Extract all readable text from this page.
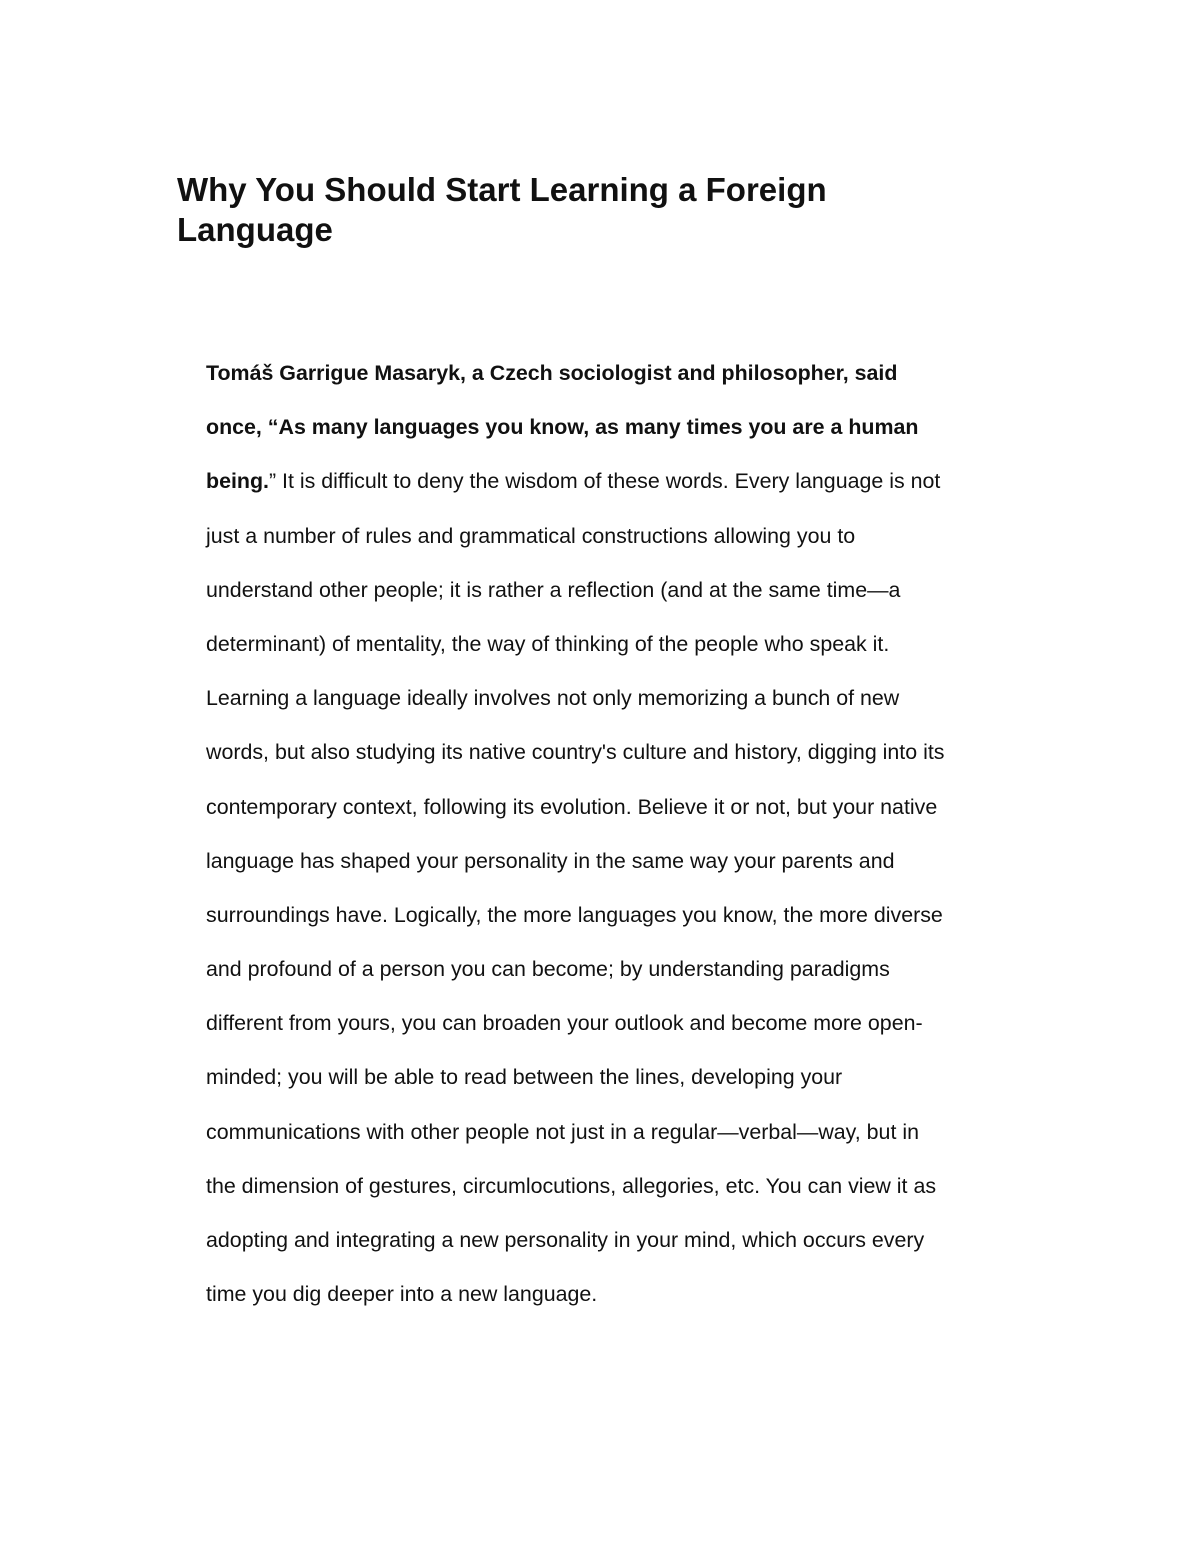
Why You Should Start Learning a Foreign
Language
Tomáš Garrigue Masaryk, a Czech sociologist and philosopher, said
once, “As many languages you know, as many times you are a human
being.” It is difficult to deny the wisdom of these words. Every language is not
just a number of rules and grammatical constructions allowing you to
understand other people; it is rather a reflection (and at the same time—a
determinant) of mentality, the way of thinking of the people who speak it.
Learning a language ideally involves not only memorizing a bunch of new
words, but also studying its native country's culture and history, digging into its
contemporary context, following its evolution. Believe it or not, but your native
language has shaped your personality in the same way your parents and
surroundings have. Logically, the more languages you know, the more diverse
and profound of a person you can become; by understanding paradigms
different from yours, you can broaden your outlook and become more open-
minded; you will be able to read between the lines, developing your
communications with other people not just in a regular—verbal—way, but in
the dimension of gestures, circumlocutions, allegories, etc. You can view it as
adopting and integrating a new personality in your mind, which occurs every
time you dig deeper into a new language.
